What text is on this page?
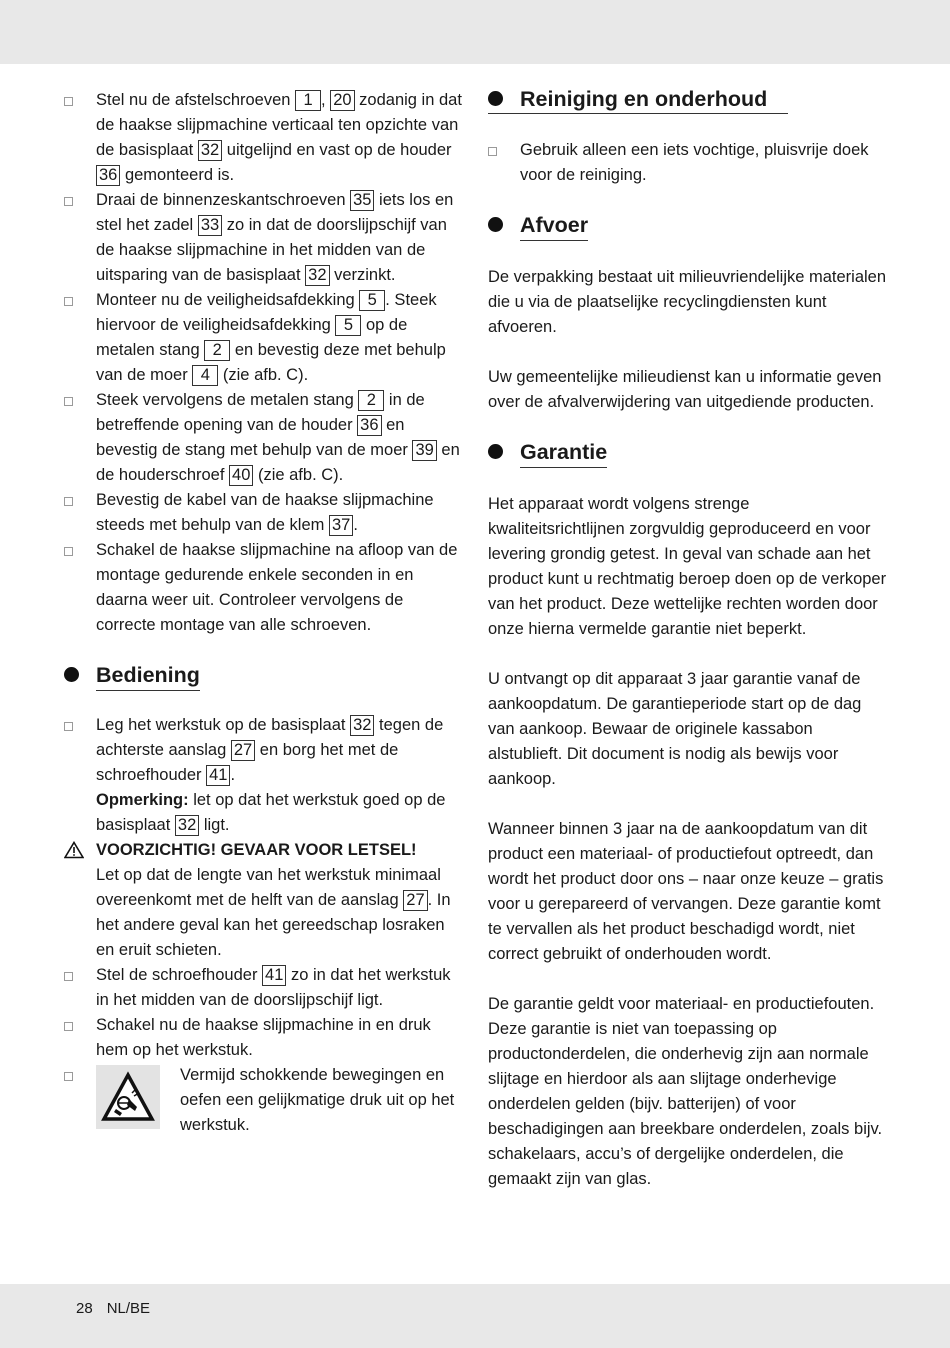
Stel nu de afstelschroeven 1 , 20 zodanig in dat de haakse slijpmachine verticaal ten opzichte van de basisplaat 32 uitgelijnd en vast op de houder 36 gemonteerd is.
Draai de binnenzeskantschroeven 35 iets los en stel het zadel 33 zo in dat de doorslijpschijf van de haakse slijpmachine in het midden van de uitsparing van de basisplaat 32 verzinkt.
Monteer nu de veiligheidsafdekking 5 . Steek hiervoor de veiligheidsafdekking 5 op de metalen stang 2 en bevestig deze met behulp van de moer 4 (zie afb. C).
Steek vervolgens de metalen stang 2 in de betreffende opening van de houder 36 en bevestig de stang met behulp van de moer 39 en de houderschroef 40 (zie afb. C).
Bevestig de kabel van de haakse slijpmachine steeds met behulp van de klem 37 .
Schakel de haakse slijpmachine na afloop van de montage gedurende enkele seconden in en daarna weer uit. Controleer vervolgens de correcte montage van alle schroeven.
Bediening
Leg het werkstuk op de basisplaat 32 tegen de achterste aanslag 27 en borg het met de schroefhouder 41 .
Opmerking: let op dat het werkstuk goed op de basisplaat 32 ligt.
VOORZICHTIG! GEVAAR VOOR LETSEL!
Let op dat de lengte van het werkstuk minimaal overeenkomt met de helft van de aanslag 27 . In het andere geval kan het gereedschap losraken en eruit schieten.
Stel de schroefhouder 41 zo in dat het werkstuk in het midden van de doorslijpschijf ligt.
Schakel nu de haakse slijpmachine in en druk hem op het werkstuk.
Vermijd schokkende bewegingen en oefen een gelijkmatige druk uit op het werkstuk.
Reiniging en onderhoud
Gebruik alleen een iets vochtige, pluisvrije doek voor de reiniging.
Afvoer
De verpakking bestaat uit milieuvriendelijke materialen die u via de plaatselijke recyclingdiensten kunt afvoeren.
Uw gemeentelijke milieudienst kan u informatie geven over de afvalverwijdering van uitgediende producten.
Garantie
Het apparaat wordt volgens strenge kwaliteitsrichtlijnen zorgvuldig geproduceerd en voor levering grondig getest. In geval van schade aan het product kunt u rechtmatig beroep doen op de verkoper van het product. Deze wettelijke rechten worden door onze hierna vermelde garantie niet beperkt.
U ontvangt op dit apparaat 3 jaar garantie vanaf de aankoopdatum. De garantieperiode start op de dag van aankoop. Bewaar de originele kassabon alstublieft. Dit document is nodig als bewijs voor aankoop.
Wanneer binnen 3 jaar na de aankoopdatum van dit product een materiaal- of productiefout optreedt, dan wordt het product door ons – naar onze keuze – gratis voor u gerepareerd of vervangen. Deze garantie komt te vervallen als het product beschadigd wordt, niet correct gebruikt of onderhouden wordt.
De garantie geldt voor materiaal- en productiefouten. Deze garantie is niet van toepassing op productonderdelen, die onderhevig zijn aan normale slijtage en hierdoor als aan slijtage onderhevige onderdelen gelden (bijv. batterijen) of voor beschadigingen aan breekbare onderdelen, zoals bijv. schakelaars, accu’s of dergelijke onderdelen, die gemaakt zijn van glas.
28 NL/BE
